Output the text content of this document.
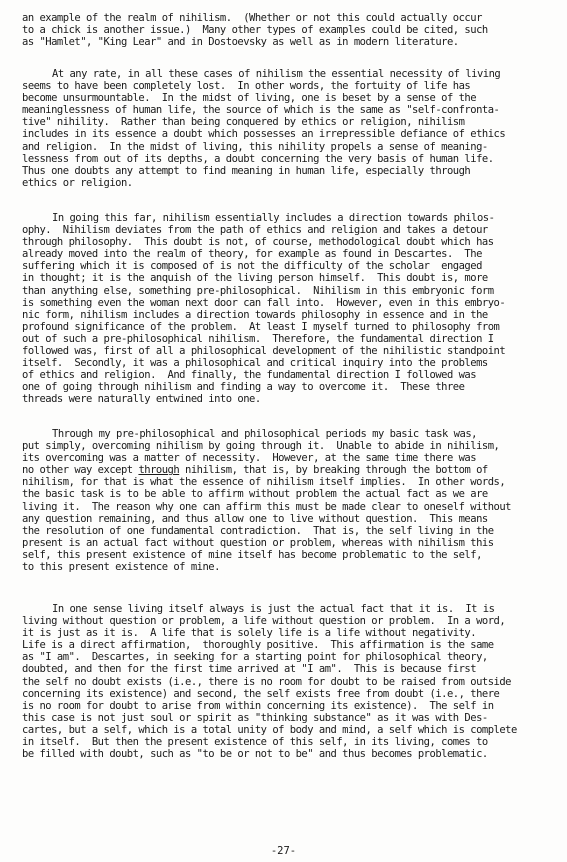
an example of the realm of nihilism.  (Whether or not this could actually occur
to a chick is another issue.)  Many other types of examples could be cited, such
as "Hamlet", "King Lear" and in Dostoevsky as well as in modern literature.
At any rate, in all these cases of nihilism the essential necessity of living
seems to have been completely lost.  In other words, the fortuity of life has
become unsurmountable.  In the midst of living, one is beset by a sense of the
meaninglessness of human life, the source of which is the same as "self-confronta-
tive" nihility.  Rather than being conquered by ethics or religion, nihilism
includes in its essence a doubt which possesses an irrepressible defiance of ethics
and religion.  In the midst of living, this nihility propels a sense of meaning-
lessness from out of its depths, a doubt concerning the very basis of human life.
Thus one doubts any attempt to find meaning in human life, especially through
ethics or religion.
In going this far, nihilism essentially includes a direction towards philos-
ophy.  Nihilism deviates from the path of ethics and religion and takes a detour
through philosophy.  This doubt is not, of course, methodological doubt which has
already moved into the realm of theory, for example as found in Descartes.  The
suffering which it is composed of is not the difficulty of the scholar  engaged
in thought; it is the anquish of the living person himself.  This doubt is, more
than anything else, something pre-philosophical.  Nihilism in this embryonic form
is something even the woman next door can fall into.  However, even in this embryo-
nic form, nihilism includes a direction towards philosophy in essence and in the
profound significance of the problem.  At least I myself turned to philosophy from
out of such a pre-philosophical nihilism.  Therefore, the fundamental direction I
followed was, first of all a philosophical development of the nihilistic standpoint
itself.  Secondly, it was a philosophical and critical inquiry into the problems
of ethics and religion.  And finally, the fundamental direction I followed was
one of going through nihilism and finding a way to overcome it.  These three
threads were naturally entwined into one.
Through my pre-philosophical and philosophical periods my basic task was,
put simply, overcoming nihilism by going through it.  Unable to abide in nihilism,
its overcoming was a matter of necessity.  However, at the same time there was
no other way except through nihilism, that is, by breaking through the bottom of
nihilism, for that is what the essence of nihilism itself implies.  In other words,
the basic task is to be able to affirm without problem the actual fact as we are
living it.  The reason why one can affirm this must be made clear to oneself without
any question remaining, and thus allow one to live without question.  This means
the resolution of one fundamental contradiction.  That is, the self living in the
present is an actual fact without question or problem, whereas with nihilism this
self, this present existence of mine itself has become problematic to the self,
to this present existence of mine.
In one sense living itself always is just the actual fact that it is.  It is
living without question or problem, a life without question or problem.  In a word,
it is just as it is.  A life that is solely life is a life without negativity.
Life is a direct affirmation,  thoroughly positive.  This affirmation is the same
as "I am".  Descartes, in seeking for a starting point for philosophical theory,
doubted, and then for the first time arrived at "I am".  This is because first
the self no doubt exists (i.e., there is no room for doubt to be raised from outside
concerning its existence) and second, the self exists free from doubt (i.e., there
is no room for doubt to arise from within concerning its existence).  The self in
this case is not just soul or spirit as "thinking substance" as it was with Des-
cartes, but a self, which is a total unity of body and mind, a self which is complete
in itself.  But then the present existence of this self, in its living, comes to
be filled with doubt, such as "to be or not to be" and thus becomes problematic.
-27-
